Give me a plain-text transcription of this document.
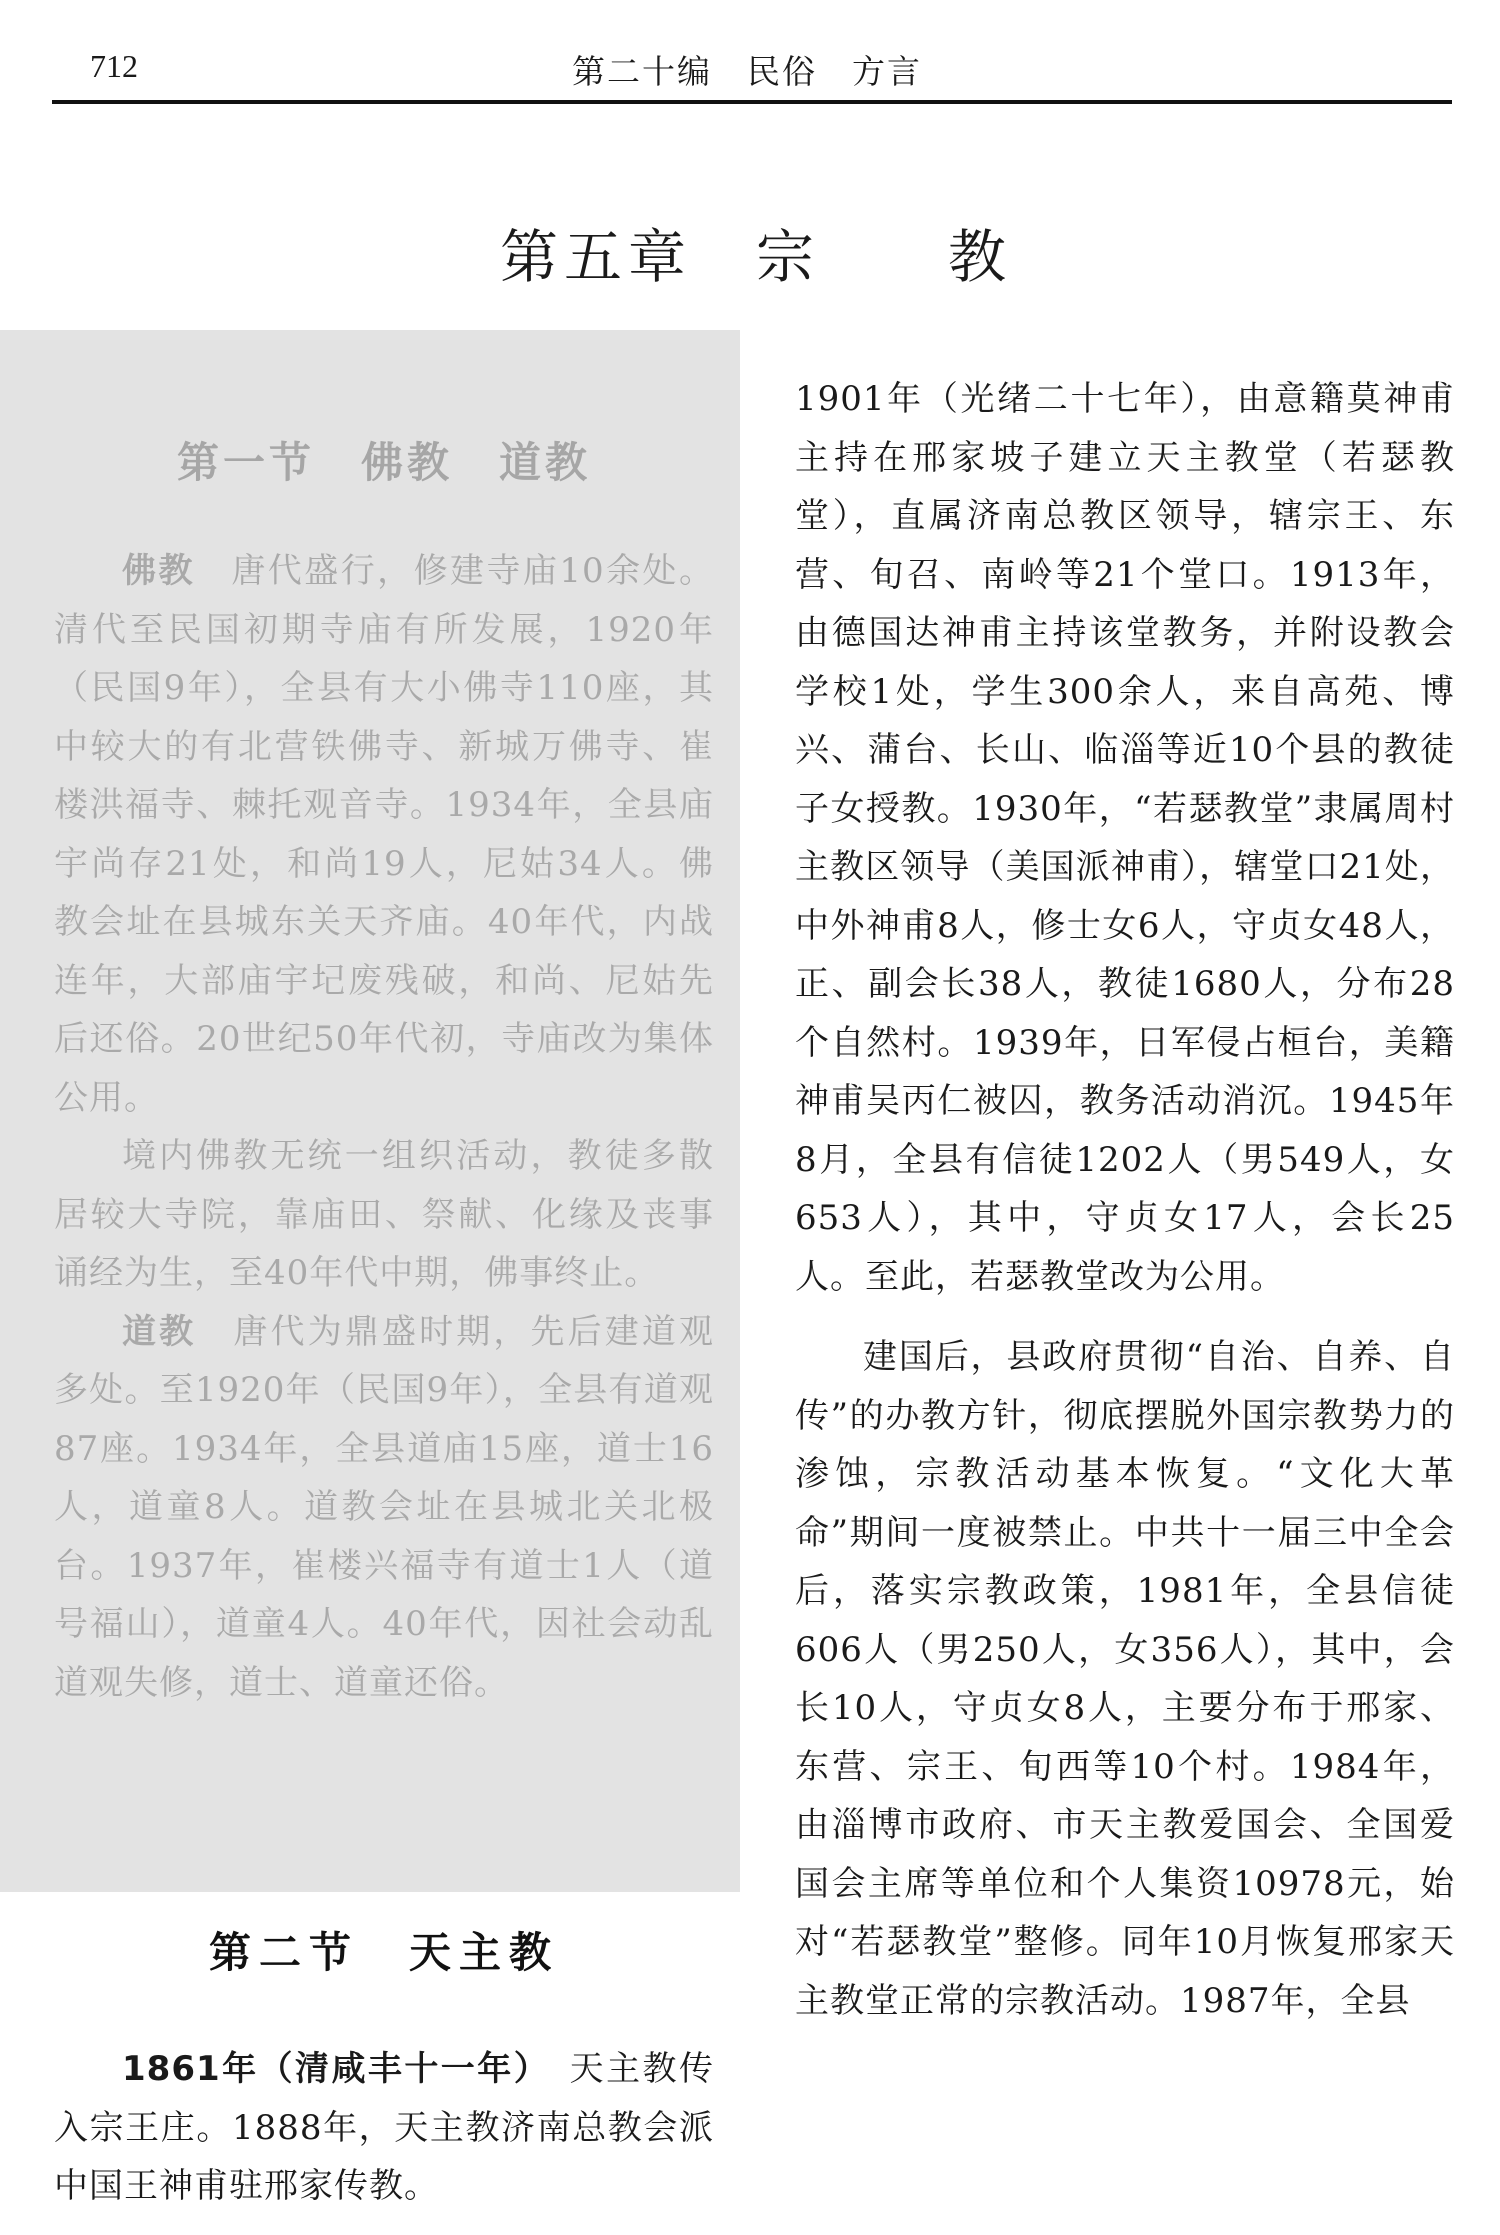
712	第二十编　民俗　方言
第五章　宗　　教
第一节　佛教　道教

佛教　 唐代盛行，修建寺庙10余处。清代至民国初期寺庙有所发展，1920年（民国9年），全县有大小佛寺110座，其中较大的有北营铁佛寺、新城万佛寺、崔楼洪福寺、棘托观音寺。1934年，全县庙宇尚存21处，和尚19人，尼姑34人。佛教会址在县城东关天齐庙。40年代，内战连年，大部庙宇圮废残破，和尚、尼姑先后还俗。20世纪50年代初，寺庙改为集体公用。

境内佛教无统一组织活动，教徒多散居较大寺院，靠庙田、祭献、化缘及丧事诵经为生，至40年代中期，佛事终止。

道教　 唐代为鼎盛时期，先后建道观多处。至1920年（民国9年），全县有道观87座。1934年，全县道庙15座，道士16人，道童8人。道教会址在县城北关北极台。1937年，崔楼兴福寺有道士1人（道号福山），道童4人。40年代，因社会动乱道观失修，道士、道童还俗。

第二节　天主教

1861年（清咸丰十一年）　 天主教传入宗王庄。1888年，天主教济南总教会派中国王神甫驻邢家传教。

1901年（光绪二十七年），由意籍莫神甫主持在邢家坡子建立天主教堂（若瑟教堂），直属济南总教区领导，辖宗王、东营、旬召、南岭等21个堂口。1913年，由德国达神甫主持该堂教务，并附设教会学校1处，学生300余人，来自高苑、博兴、蒲台、长山、临淄等近10个县的教徒子女授教。1930年，“若瑟教堂”隶属周村主教区领导（美国派神甫），辖堂口21处，中外神甫8人，修士女6人，守贞女48人，正、副会长38人，教徒1680人，分布28个自然村。1939年，日军侵占桓台，美籍神甫吴丙仁被囚，教务活动消沉。1945年8月，全县有信徒1202人（男549人，女653人），其中，守贞女17人，会长25人。至此，若瑟教堂改为公用。

建国后，县政府贯彻“自治、自养、自传”的办教方针，彻底摆脱外国宗教势力的渗蚀，宗教活动基本恢复。“文化大革命”期间一度被禁止。中共十一届三中全会后，落实宗教政策，1981年，全县信徒606人（男250人，女356人），其中，会长10人，守贞女8人，主要分布于邢家、东营、宗王、旬西等10个村。1984年，由淄博市政府、市天主教爱国会、全国爱国会主席等单位和个人集资10978元，始对“若瑟教堂”整修。同年10月恢复邢家天主教堂正常的宗教活动。1987年，全县
